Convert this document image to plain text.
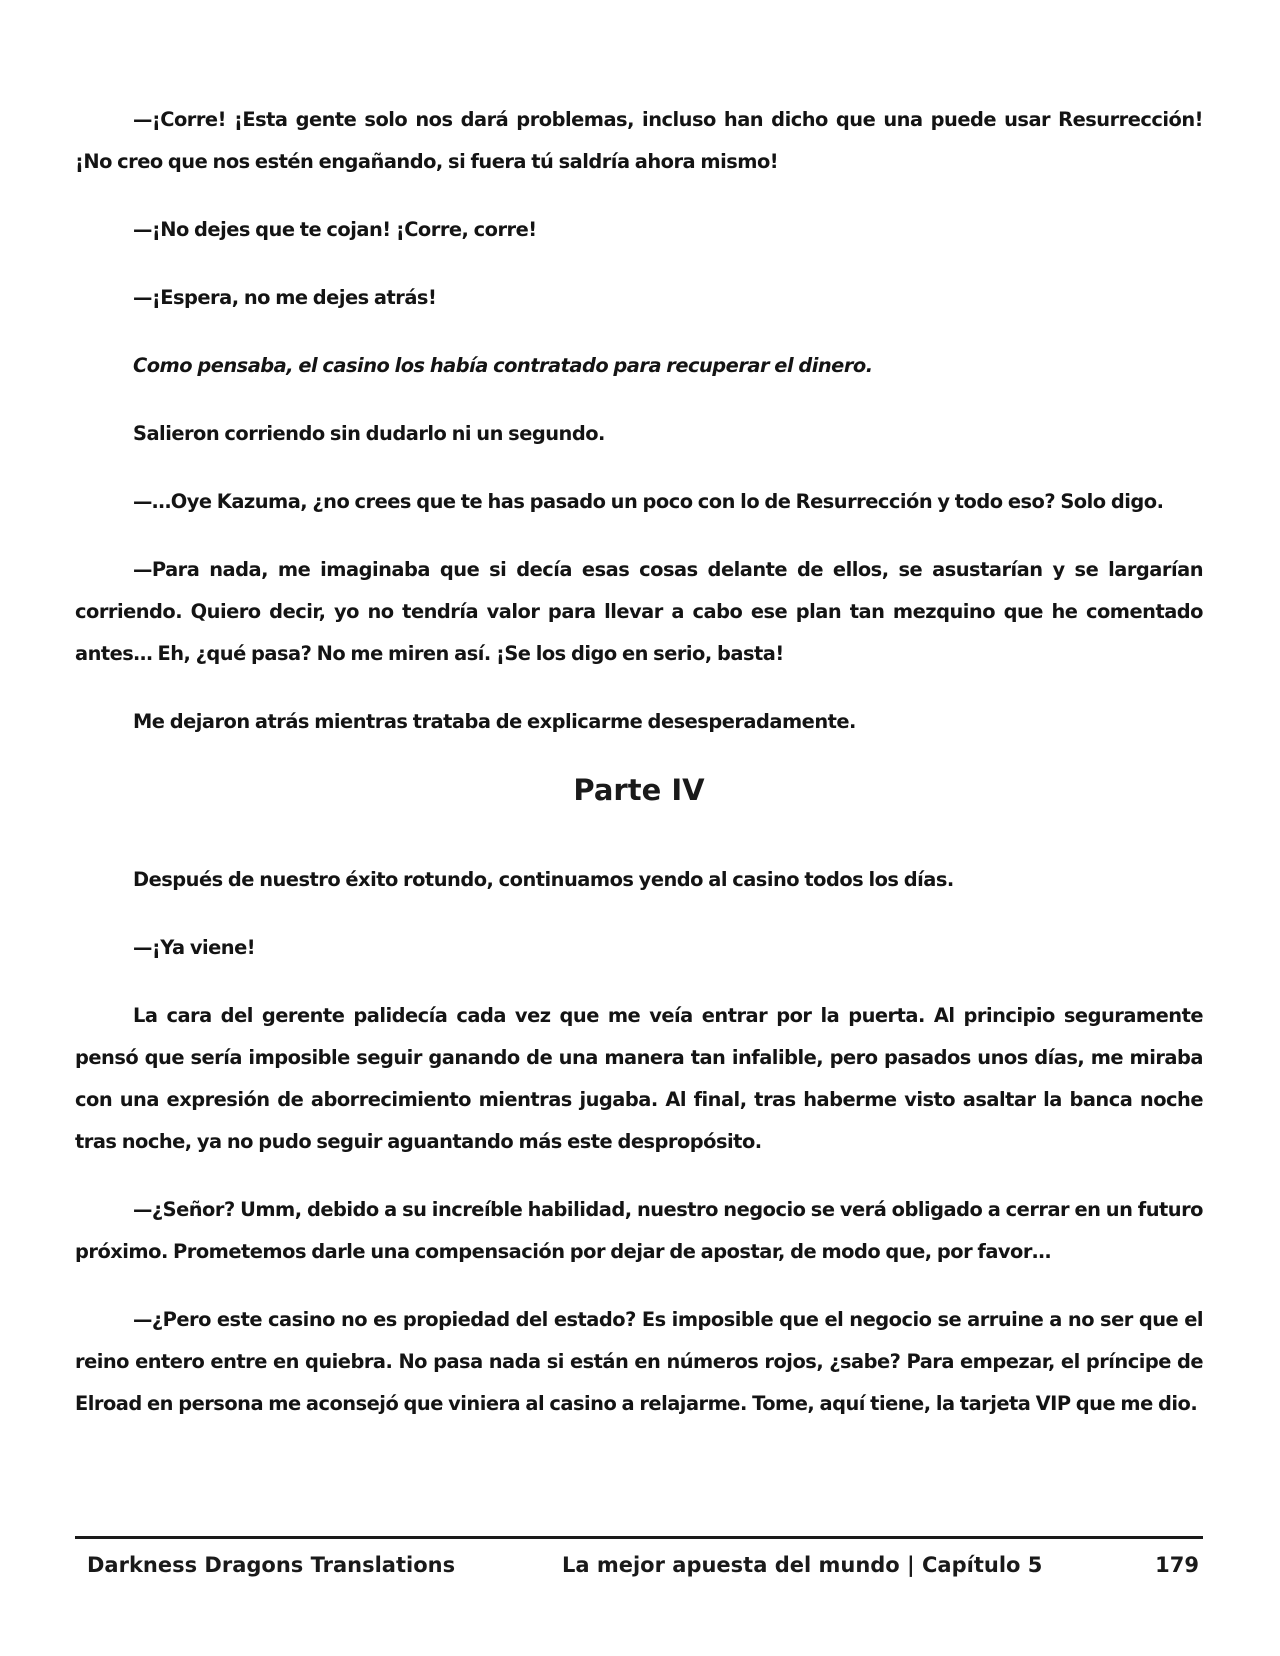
—¡Corre! ¡Esta gente solo nos dará problemas, incluso han dicho que una puede usar Resurrección! ¡No creo que nos estén engañando, si fuera tú saldría ahora mismo!

—¡No dejes que te cojan! ¡Corre, corre!

—¡Espera, no me dejes atrás!

Como pensaba, el casino los había contratado para recuperar el dinero.

Salieron corriendo sin dudarlo ni un segundo.

—…Oye Kazuma, ¿no crees que te has pasado un poco con lo de Resurrección y todo eso? Solo digo.

—Para nada, me imaginaba que si decía esas cosas delante de ellos, se asustarían y se largarían corriendo. Quiero decir, yo no tendría valor para llevar a cabo ese plan tan mezquino que he comentado antes… Eh, ¿qué pasa? No me miren así. ¡Se los digo en serio, basta!

Me dejaron atrás mientras trataba de explicarme desesperadamente.

Parte IV

Después de nuestro éxito rotundo, continuamos yendo al casino todos los días.

—¡Ya viene!

La cara del gerente palidecía cada vez que me veía entrar por la puerta. Al principio seguramente pensó que sería imposible seguir ganando de una manera tan infalible, pero pasados unos días, me miraba con una expresión de aborrecimiento mientras jugaba. Al final, tras haberme visto asaltar la banca noche tras noche, ya no pudo seguir aguantando más este despropósito.

—¿Señor? Umm, debido a su increíble habilidad, nuestro negocio se verá obligado a cerrar en un futuro próximo. Prometemos darle una compensación por dejar de apostar, de modo que, por favor…

—¿Pero este casino no es propiedad del estado? Es imposible que el negocio se arruine a no ser que el reino entero entre en quiebra. No pasa nada si están en números rojos, ¿sabe? Para empezar, el príncipe de Elroad en persona me aconsejó que viniera al casino a relajarme. Tome, aquí tiene, la tarjeta VIP que me dio.

Darkness Dragons Translations	La mejor apuesta del mundo | Capítulo 5	179
